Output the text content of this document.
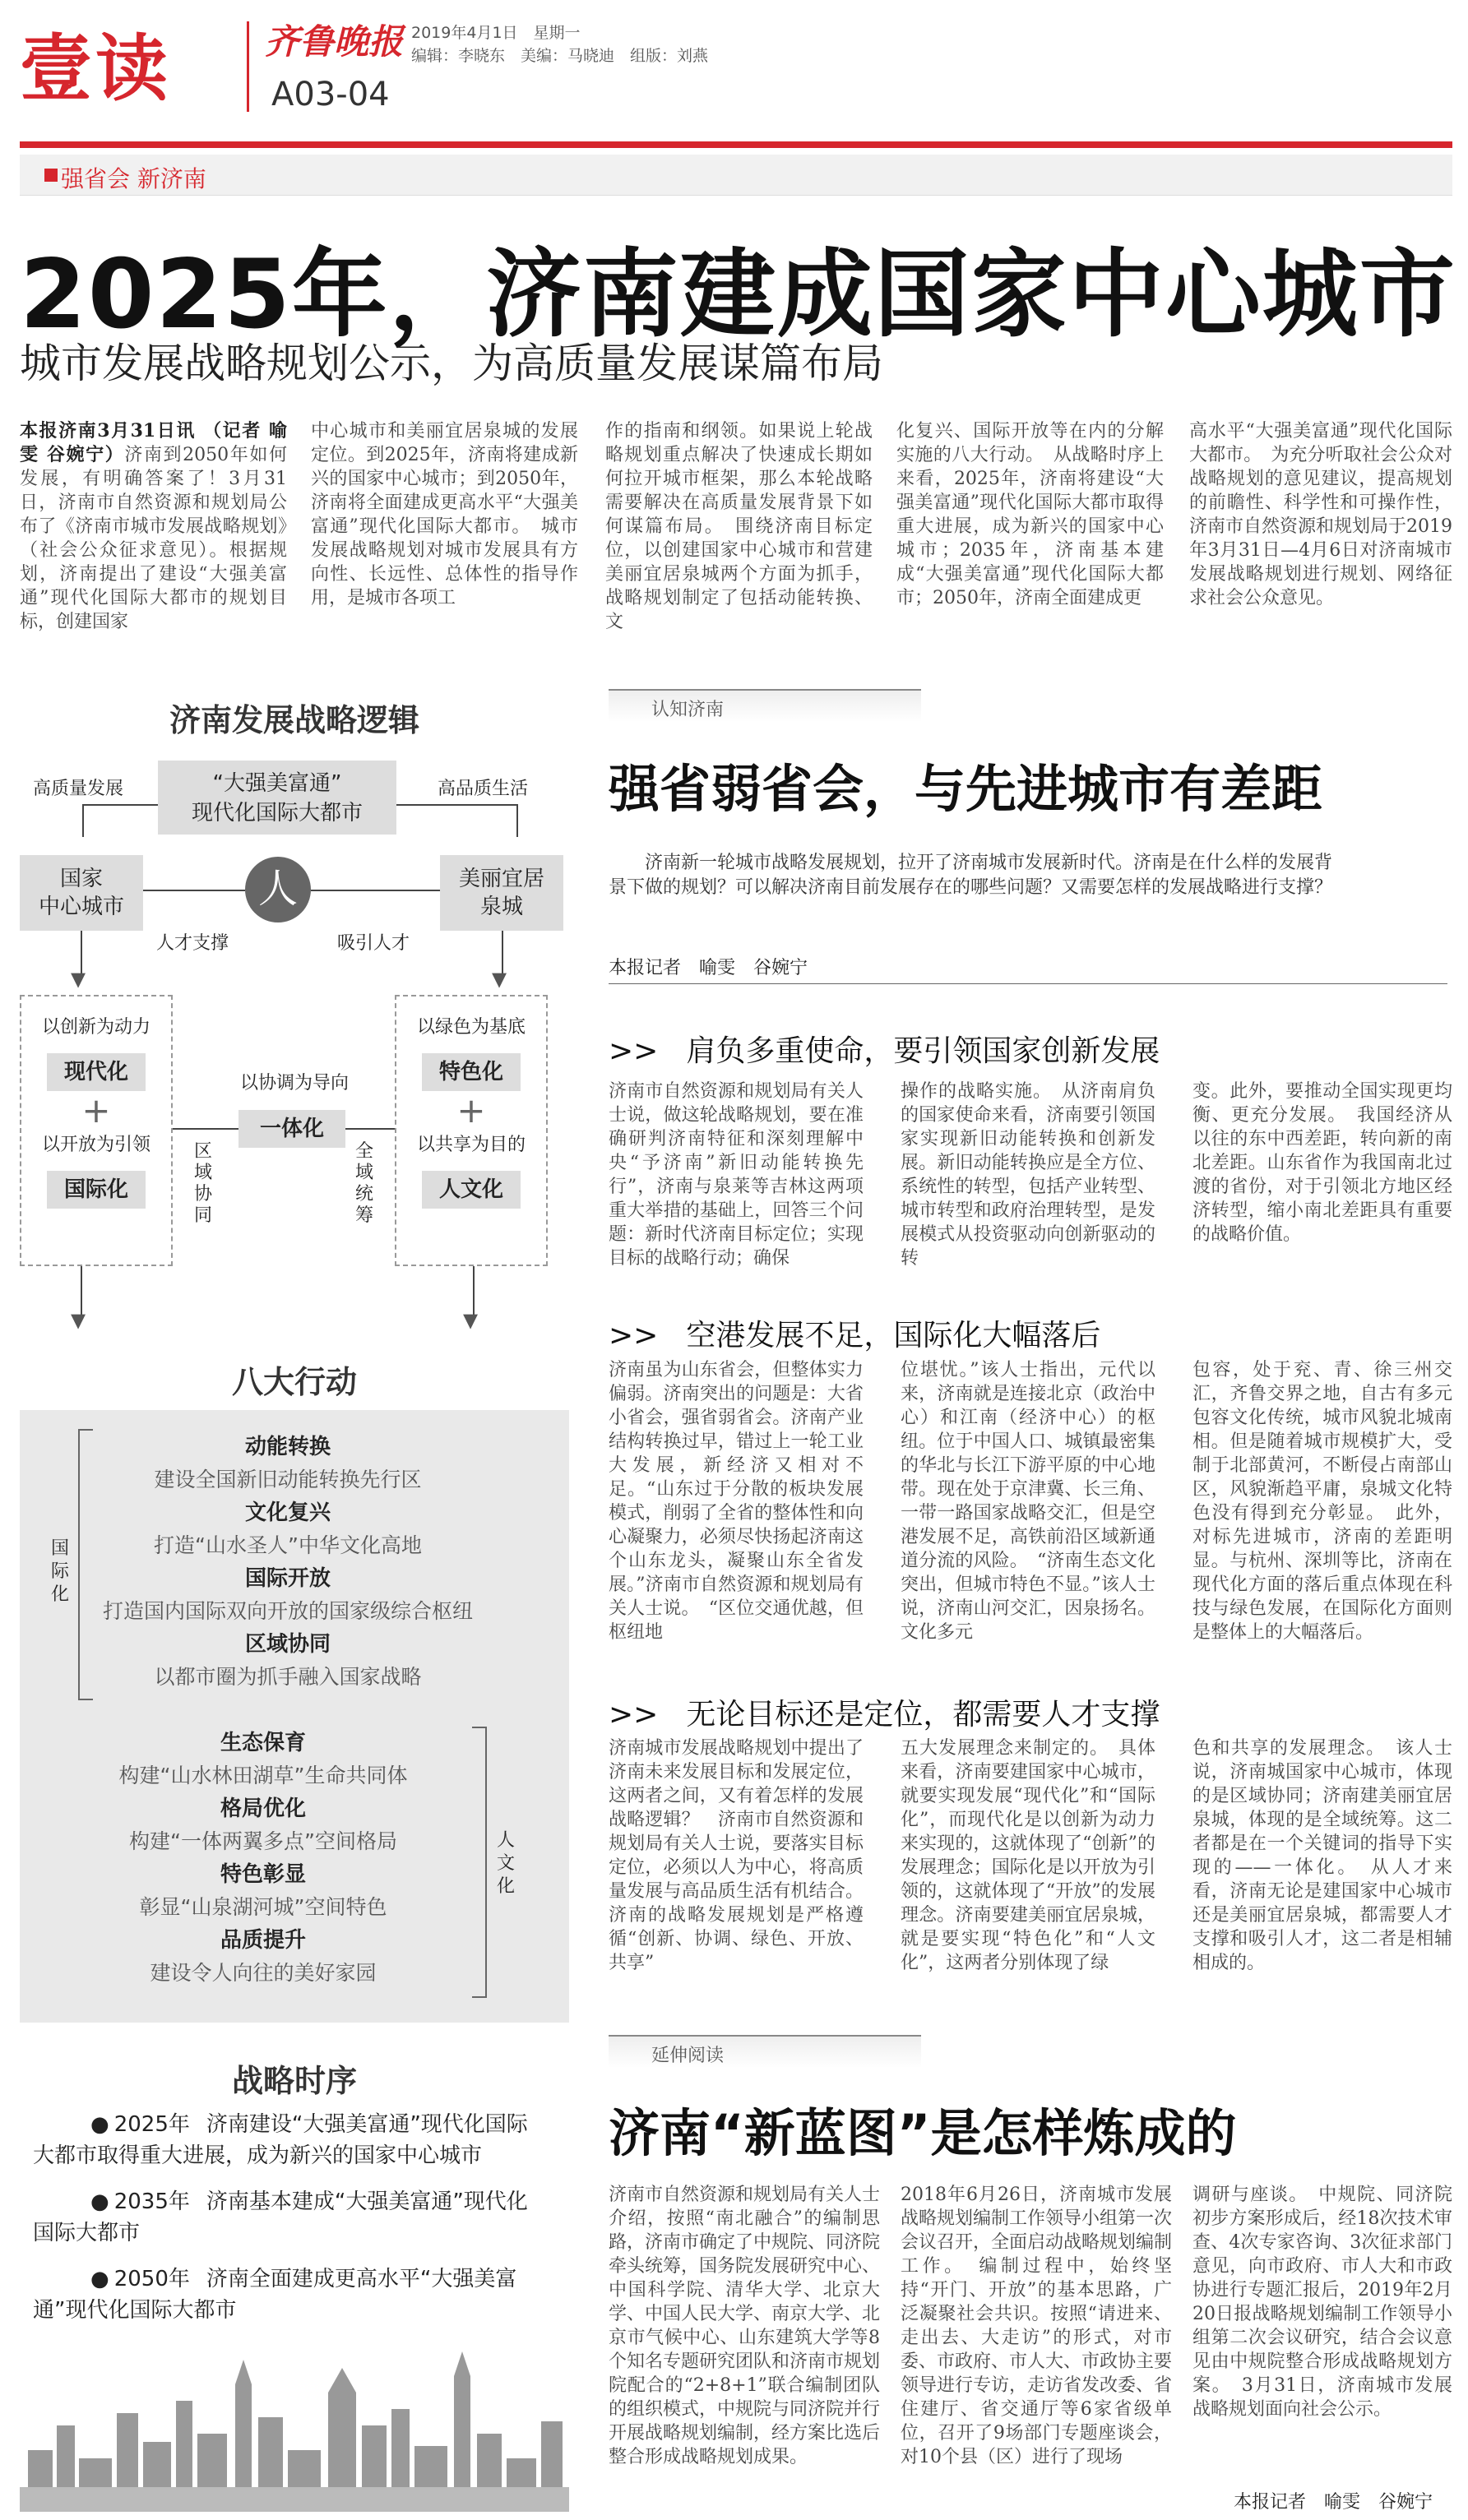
壹读	齐鲁晚报 2019年4月1日　星期一
编辑：李晓东　美编：马晓迪　组版：刘燕
A03-04
强省会 新济南
2025年，济南建成国家中心城市
城市发展战略规划公示，为高质量发展谋篇布局
本报济南3月31日讯 （记者 喻雯 谷婉宁）济南到2050年如何发展，有明确答案了！3月31日，济南市自然资源和规划局公布了《济南市城市发展战略规划》（社会公众征求意见）。根据规划，济南提出了建设“大强美富通”现代化国际大都市的规划目标，创建国家
中心城市和美丽宜居泉城的发展定位。到2025年，济南将建成新兴的国家中心城市；到2050年，济南将全面建成更高水平“大强美富通”现代化国际大都市。　城市发展战略规划对城市发展具有方向性、长远性、总体性的指导作用，是城市各项工
作的指南和纲领。如果说上轮战略规划重点解决了快速成长期如何拉开城市框架，那么本轮战略需要解决在高质量发展背景下如何谋篇布局。　围绕济南目标定位，以创建国家中心城市和营建美丽宜居泉城两个方面为抓手，战略规划制定了包括动能转换、文
化复兴、国际开放等在内的分解实施的八大行动。　从战略时序上来看，2025年，济南将建设“大强美富通”现代化国际大都市取得重大进展，成为新兴的国家中心城市；2035年，济南基本建成“大强美富通”现代化国际大都市；2050年，济南全面建成更
高水平“大强美富通”现代化国际大都市。　为充分听取社会公众对战略规划的意见建议，提高规划的前瞻性、科学性和可操作性，济南市自然资源和规划局于2019年3月31日—4月6日对济南城市发展战略规划进行规划、网络征求社会公众意见。
济南发展战略逻辑
“大强美富通”
现代化国际大都市
高质量发展	高品质生活
国家
中心城市
美丽宜居
泉城
人
人才支撑	吸引人才
▾	▾
以创新为动力
现代化
+
以开放为引领
国际化
以协调为导向
一体化
区域协同
全域统筹
以绿色为基底
特色化
+
以共享为目的
人文化
▾	▾
八大行动
国际化
人文化
动能转换
建设全国新旧动能转换先行区
文化复兴
打造“山水圣人”中华文化高地
国际开放
打造国内国际双向开放的国家级综合枢纽
区域协同
以都市圈为抓手融入国家战略
生态保育
构建“山水林田湖草”生命共同体
格局优化
构建“一体两翼多点”空间格局
特色彰显
彰显“山泉湖河城”空间特色
品质提升
建设令人向往的美好家园
战略时序
● 2025年 济南建设“大强美富通”现代化国际大都市取得重大进展，成为新兴的国家中心城市
● 2035年 济南基本建成“大强美富通”现代化国际大都市
● 2050年 济南全面建成更高水平“大强美富通”现代化国际大都市
认知济南
强省弱省会，与先进城市有差距
济南新一轮城市战略发展规划，拉开了济南城市发展新时代。济南是在什么样的发展背景下做的规划？可以解决济南目前发展存在的哪些问题？又需要怎样的发展战略进行支撑？
本报记者　喻雯　谷婉宁
>> 肩负多重使命，要引领国家创新发展
济南市自然资源和规划局有关人士说，做这轮战略规划，要在准确研判济南特征和深刻理解中央“予济南”新旧动能转换先行”，济南与泉莱等吉林这两项重大举措的基础上，回答三个问题：新时代济南目标定位；实现目标的战略行动；确保
操作的战略实施。　从济南肩负的国家使命来看，济南要引领国家实现新旧动能转换和创新发展。新旧动能转换应是全方位、系统性的转型，包括产业转型、城市转型和政府治理转型，是发展模式从投资驱动向创新驱动的转
变。此外，要推动全国实现更均衡、更充分发展。　我国经济从以往的东中西差距，转向新的南北差距。山东省作为我国南北过渡的省份，对于引领北方地区经济转型，缩小南北差距具有重要的战略价值。
>> 空港发展不足，国际化大幅落后
济南虽为山东省会，但整体实力偏弱。济南突出的问题是：大省小省会，强省弱省会。济南产业结构转换过早，错过上一轮工业大发展，新经济又相对不足。“山东过于分散的板块发展模式，削弱了全省的整体性和向心凝聚力，必须尽快扬起济南这个山东龙头，凝聚山东全省发展。”济南市自然资源和规划局有关人士说。　“区位交通优越，但枢纽地
位堪忧。”该人士指出，元代以来，济南就是连接北京（政治中心）和江南（经济中心）的枢纽。位于中国人口、城镇最密集的华北与长江下游平原的中心地带。现在处于京津冀、长三角、一带一路国家战略交汇，但是空港发展不足，高铁前沿区域新通道分流的风险。　“济南生态文化突出，但城市特色不显。”该人士说，济南山河交汇，因泉扬名。文化多元
包容，处于兖、青、徐三州交汇，齐鲁交界之地，自古有多元包容文化传统，城市风貌北城南相。但是随着城市规模扩大，受制于北部黄河，不断侵占南部山区，风貌渐趋平庸，泉城文化特色没有得到充分彰显。　此外，对标先进城市，济南的差距明显。与杭州、深圳等比，济南在现代化方面的落后重点体现在科技与绿色发展，在国际化方面则是整体上的大幅落后。
>> 无论目标还是定位，都需要人才支撑
济南城市发展战略规划中提出了济南未来发展目标和发展定位，这两者之间，又有着怎样的发展战略逻辑？　济南市自然资源和规划局有关人士说，要落实目标定位，必须以人为中心，将高质量发展与高品质生活有机结合。济南的战略发展规划是严格遵循“创新、协调、绿色、开放、共享”
五大发展理念来制定的。　具体来看，济南要建国家中心城市，就要实现发展“现代化”和“国际化”，而现代化是以创新为动力来实现的，这就体现了“创新”的发展理念；国际化是以开放为引领的，这就体现了“开放”的发展理念。济南要建美丽宜居泉城，就是要实现“特色化”和“人文化”，这两者分别体现了绿
色和共享的发展理念。　该人士说，济南城国家中心城市，体现的是区域协同；济南建美丽宜居泉城，体现的是全域统筹。这二者都是在一个关键词的指导下实现的——一体化。　从人才来看，济南无论是建国家中心城市还是美丽宜居泉城，都需要人才支撑和吸引人才，这二者是相辅相成的。
延伸阅读
济南“新蓝图”是怎样炼成的
济南市自然资源和规划局有关人士介绍，按照“南北融合”的编制思路，济南市确定了中规院、同济院牵头统筹，国务院发展研究中心、中国科学院、清华大学、北京大学、中国人民大学、南京大学、北京市气候中心、山东建筑大学等8个知名专题研究团队和济南市规划院配合的“2+8+1”联合编制团队的组织模式，中规院与同济院并行开展战略规划编制，经方案比选后整合形成战略规划成果。
2018年6月26日，济南城市发展战略规划编制工作领导小组第一次会议召开，全面启动战略规划编制工作。　编制过程中，始终坚持“开门、开放”的基本思路，广泛凝聚社会共识。按照“请进来、走出去、大走访”的形式，对市委、市政府、市人大、市政协主要领导进行专访，走访省发改委、省住建厅、省交通厅等6家省级单位，召开了9场部门专题座谈会，对10个县（区）进行了现场
调研与座谈。　中规院、同济院初步方案形成后，经18次技术审查、4次专家咨询、3次征求部门意见，向市政府、市人大和市政协进行专题汇报后，2019年2月20日报战略规划编制工作领导小组第二次会议研究，结合会议意见由中规院整合形成战略规划方案。　3月31日，济南城市发展战略规划面向社会公示。
本报记者　喻雯　谷婉宁
